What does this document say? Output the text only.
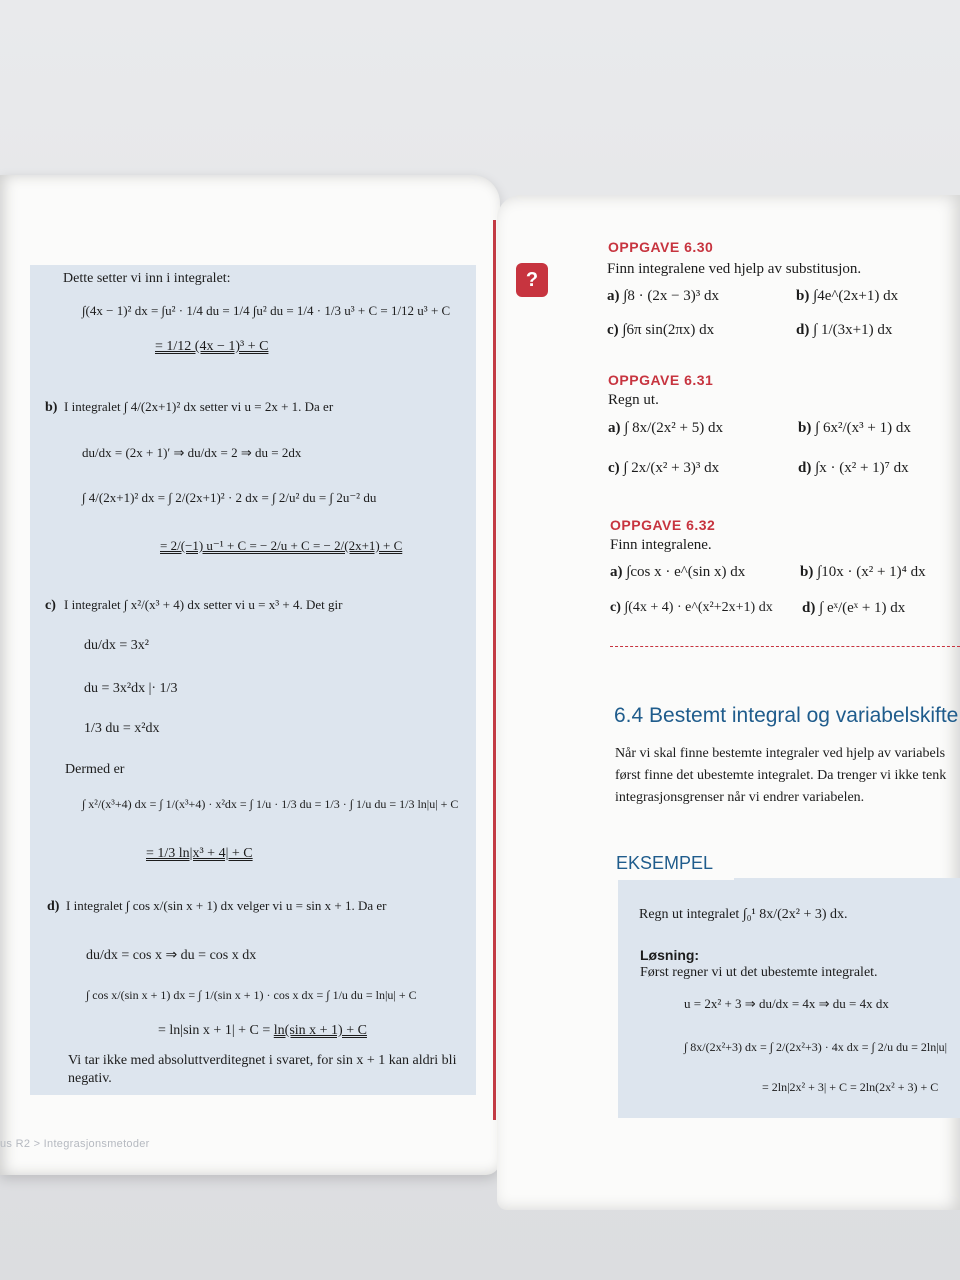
Dette setter vi inn i integralet:
∫(4x − 1)² dx = ∫u² · 1/4 du = 1/4 ∫u² du = 1/4 · 1/3 u³ + C = 1/12 u³ + C
= 1/12 (4x − 1)³ + C
b) I integralet ∫ 4/(2x+1)² dx setter vi u = 2x + 1. Da er
du/dx = (2x + 1)′ ⇒ du/dx = 2 ⇒ du = 2dx
∫ 4/(2x+1)² dx = ∫ 2/(2x+1)² · 2 dx = ∫ 2/u² du = ∫ 2u⁻² du
= 2/(−1) u⁻¹ + C = − 2/u + C = − 2/(2x+1) + C
c) I integralet ∫ x²/(x³ + 4) dx setter vi u = x³ + 4. Det gir
du/dx = 3x²
du = 3x²dx |· 1/3
1/3 du = x²dx
Dermed er
∫ x²/(x³+4) dx = ∫ 1/(x³+4) · x²dx = ∫ 1/u · 1/3 du = 1/3 · ∫ 1/u du = 1/3 ln|u| + C
= 1/3 ln|x³ + 4| + C
d) I integralet ∫ cos x/(sin x + 1) dx velger vi u = sin x + 1. Da er
du/dx = cos x ⇒ du = cos x dx
∫ cos x/(sin x + 1) dx = ∫ 1/(sin x + 1) · cos x dx = ∫ 1/u du = ln|u| + C
= ln|sin x + 1| + C = ln(sin x + 1) + C
Vi tar ikke med absoluttverditegnet i svaret, for sin x + 1 kan aldri bli negativ.
us R2 > Integrasjonsmetoder
?
OPPGAVE 6.30
Finn integralene ved hjelp av substitusjon.
a) ∫8 · (2x − 3)³ dx	b) ∫4e^(2x+1) dx
c) ∫6π sin(2πx) dx	d) ∫ 1/(3x+1) dx
OPPGAVE 6.31
Regn ut.
a) ∫ 8x/(2x² + 5) dx	b) ∫ 6x²/(x³ + 1) dx
c) ∫ 2x/(x² + 3)³ dx	d) ∫x · (x² + 1)⁷ dx
OPPGAVE 6.32
Finn integralene.
a) ∫cos x · e^(sin x) dx	b) ∫10x · (x² + 1)⁴ dx
c) ∫(4x + 4) · e^(x²+2x+1) dx d) ∫ eˣ/(eˣ + 1) dx
6.4 Bestemt integral og variabelskifte
Når vi skal finne bestemte integraler ved hjelp av variabels
først finne det ubestemte integralet. Da trenger vi ikke tenk
integrasjonsgrenser når vi endrer variabelen.
EKSEMPEL
Regn ut integralet ∫₀¹ 8x/(2x² + 3) dx.
Løsning:
Først regner vi ut det ubestemte integralet.
u = 2x² + 3 ⇒ du/dx = 4x ⇒ du = 4x dx
∫ 8x/(2x²+3) dx = ∫ 2/(2x²+3) · 4x dx = ∫ 2/u du = 2ln|u|
= 2ln|2x² + 3| + C = 2ln(2x² + 3) + C
